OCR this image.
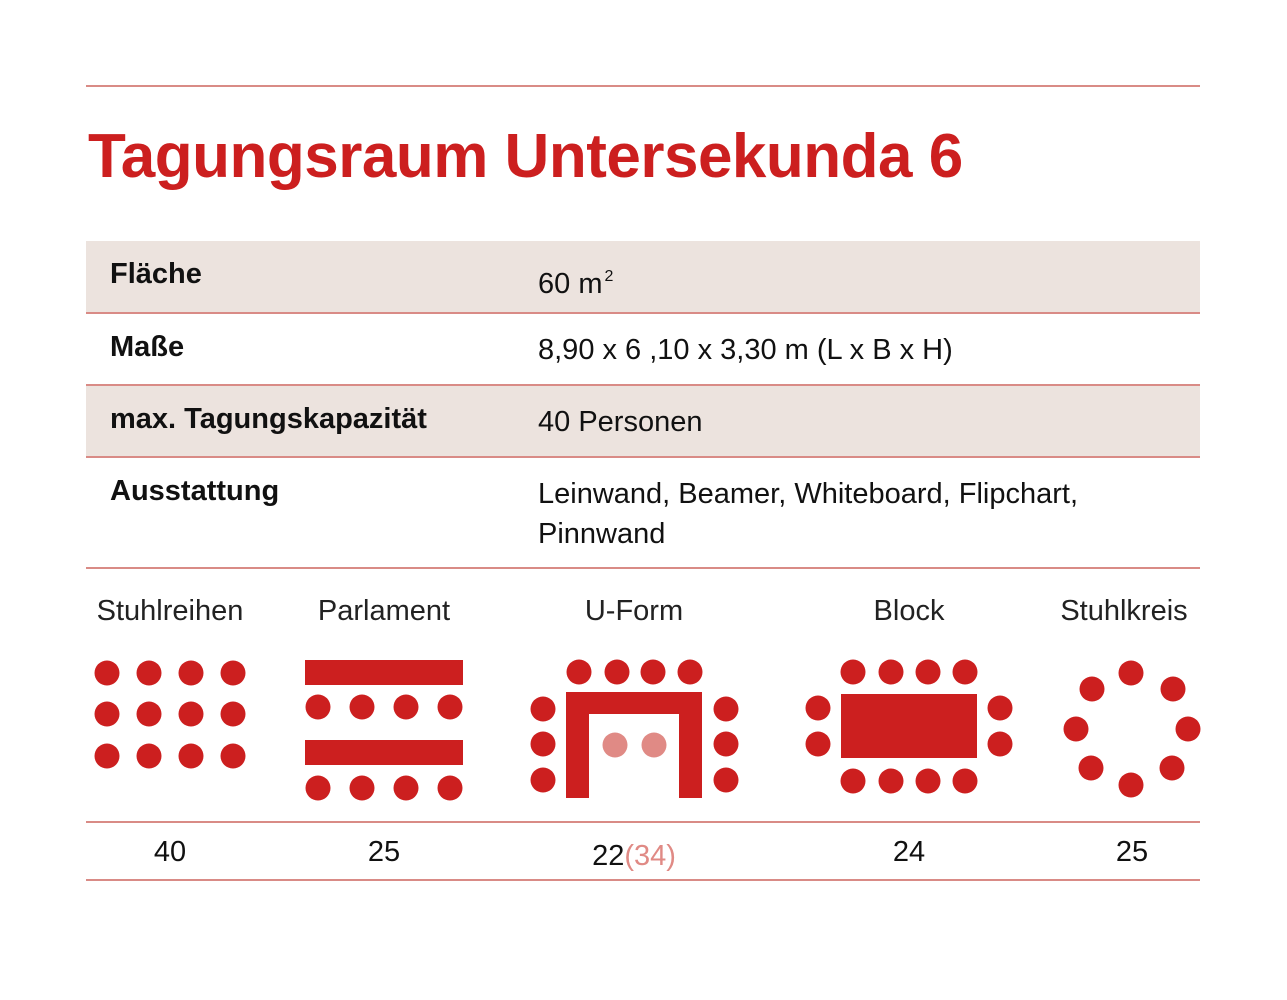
Tagungsraum Untersekunda 6
Fläche	60 m $^2$
Maße	8,90 x 6 ,10 x 3,30 m (L x B x H)
max. Tagungskapazität	40 Personen
Ausstattung	Leinwand, Beamer, Whiteboard, Flipchart,
Pinnwand
Stuhlreihen	Parlament	U-Form	Block	Stuhlkreis
40	25	22(34)	24	25
